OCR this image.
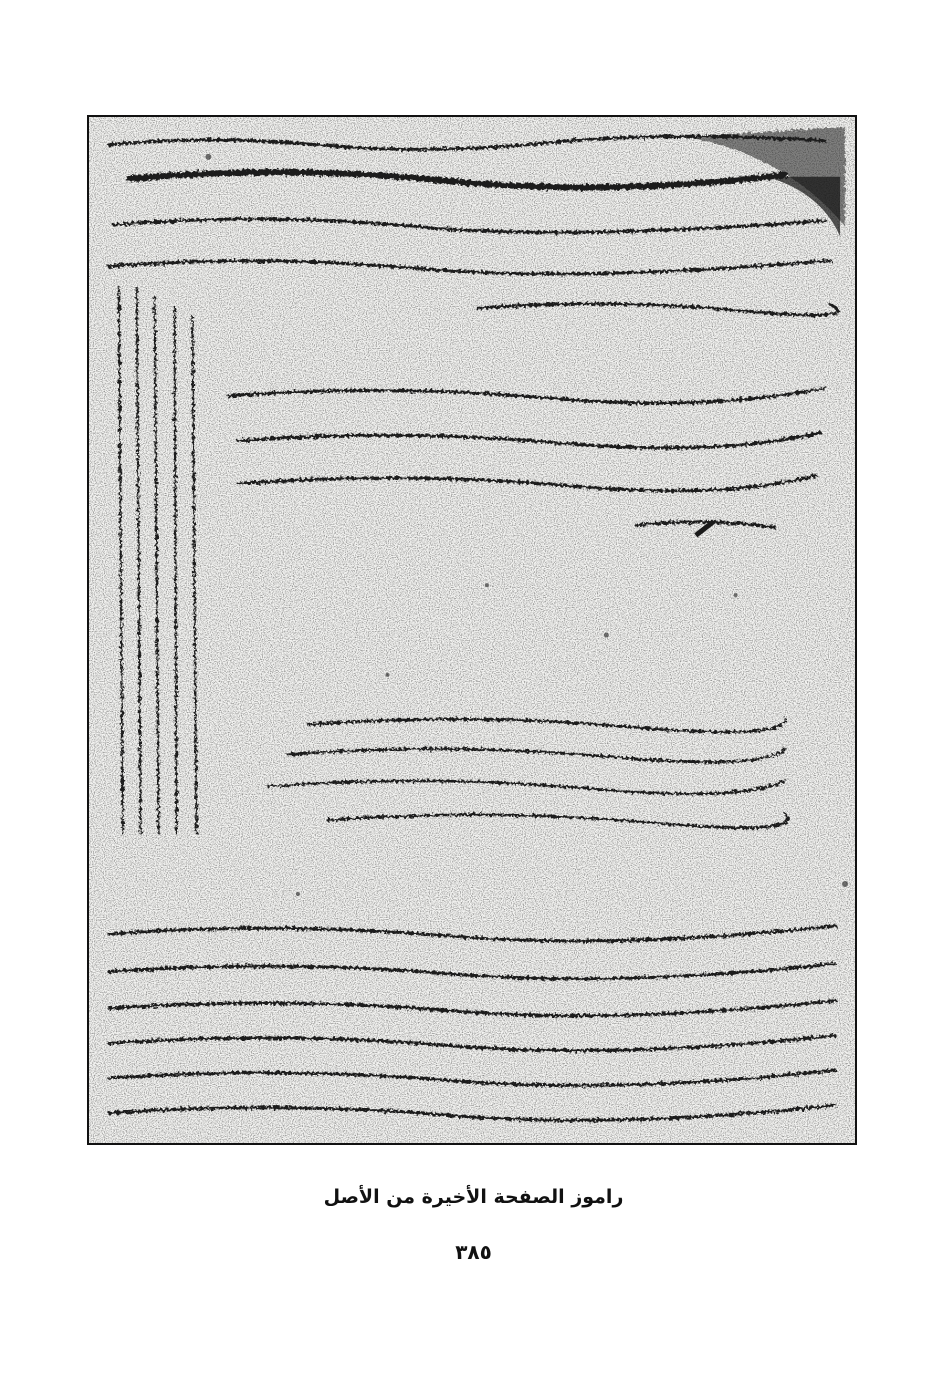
راموز الصفحة الأخيرة من الأصل
٣٨٥
